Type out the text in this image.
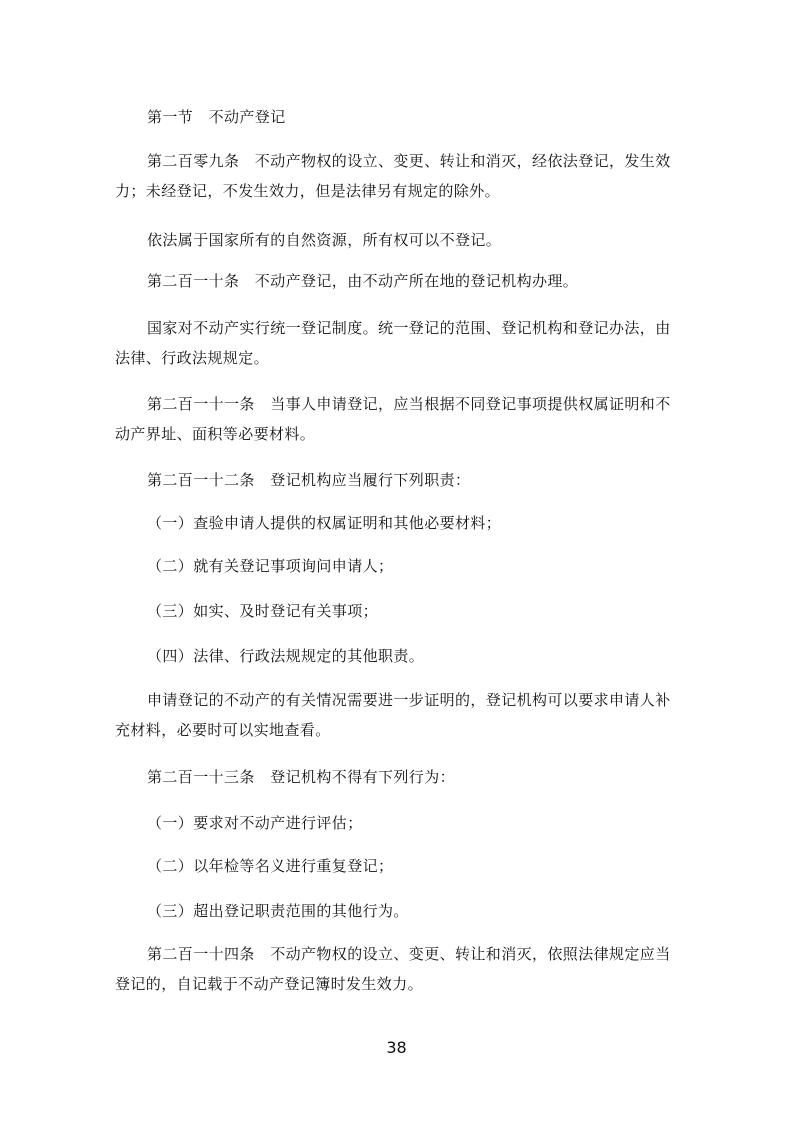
第一节　不动产登记

第二百零九条　不动产物权的设立、变更、转让和消灭，经依法登记，发生效力；未经登记，不发生效力，但是法律另有规定的除外。

依法属于国家所有的自然资源，所有权可以不登记。

第二百一十条　不动产登记，由不动产所在地的登记机构办理。

国家对不动产实行统一登记制度。统一登记的范围、登记机构和登记办法，由法律、行政法规规定。

第二百一十一条　当事人申请登记，应当根据不同登记事项提供权属证明和不动产界址、面积等必要材料。

第二百一十二条　登记机构应当履行下列职责：

（一）查验申请人提供的权属证明和其他必要材料；

（二）就有关登记事项询问申请人；

（三）如实、及时登记有关事项；

（四）法律、行政法规规定的其他职责。

申请登记的不动产的有关情况需要进一步证明的，登记机构可以要求申请人补充材料，必要时可以实地查看。

第二百一十三条　登记机构不得有下列行为：

（一）要求对不动产进行评估；

（二）以年检等名义进行重复登记；

（三）超出登记职责范围的其他行为。

第二百一十四条　不动产物权的设立、变更、转让和消灭，依照法律规定应当登记的，自记载于不动产登记簿时发生效力。

38
